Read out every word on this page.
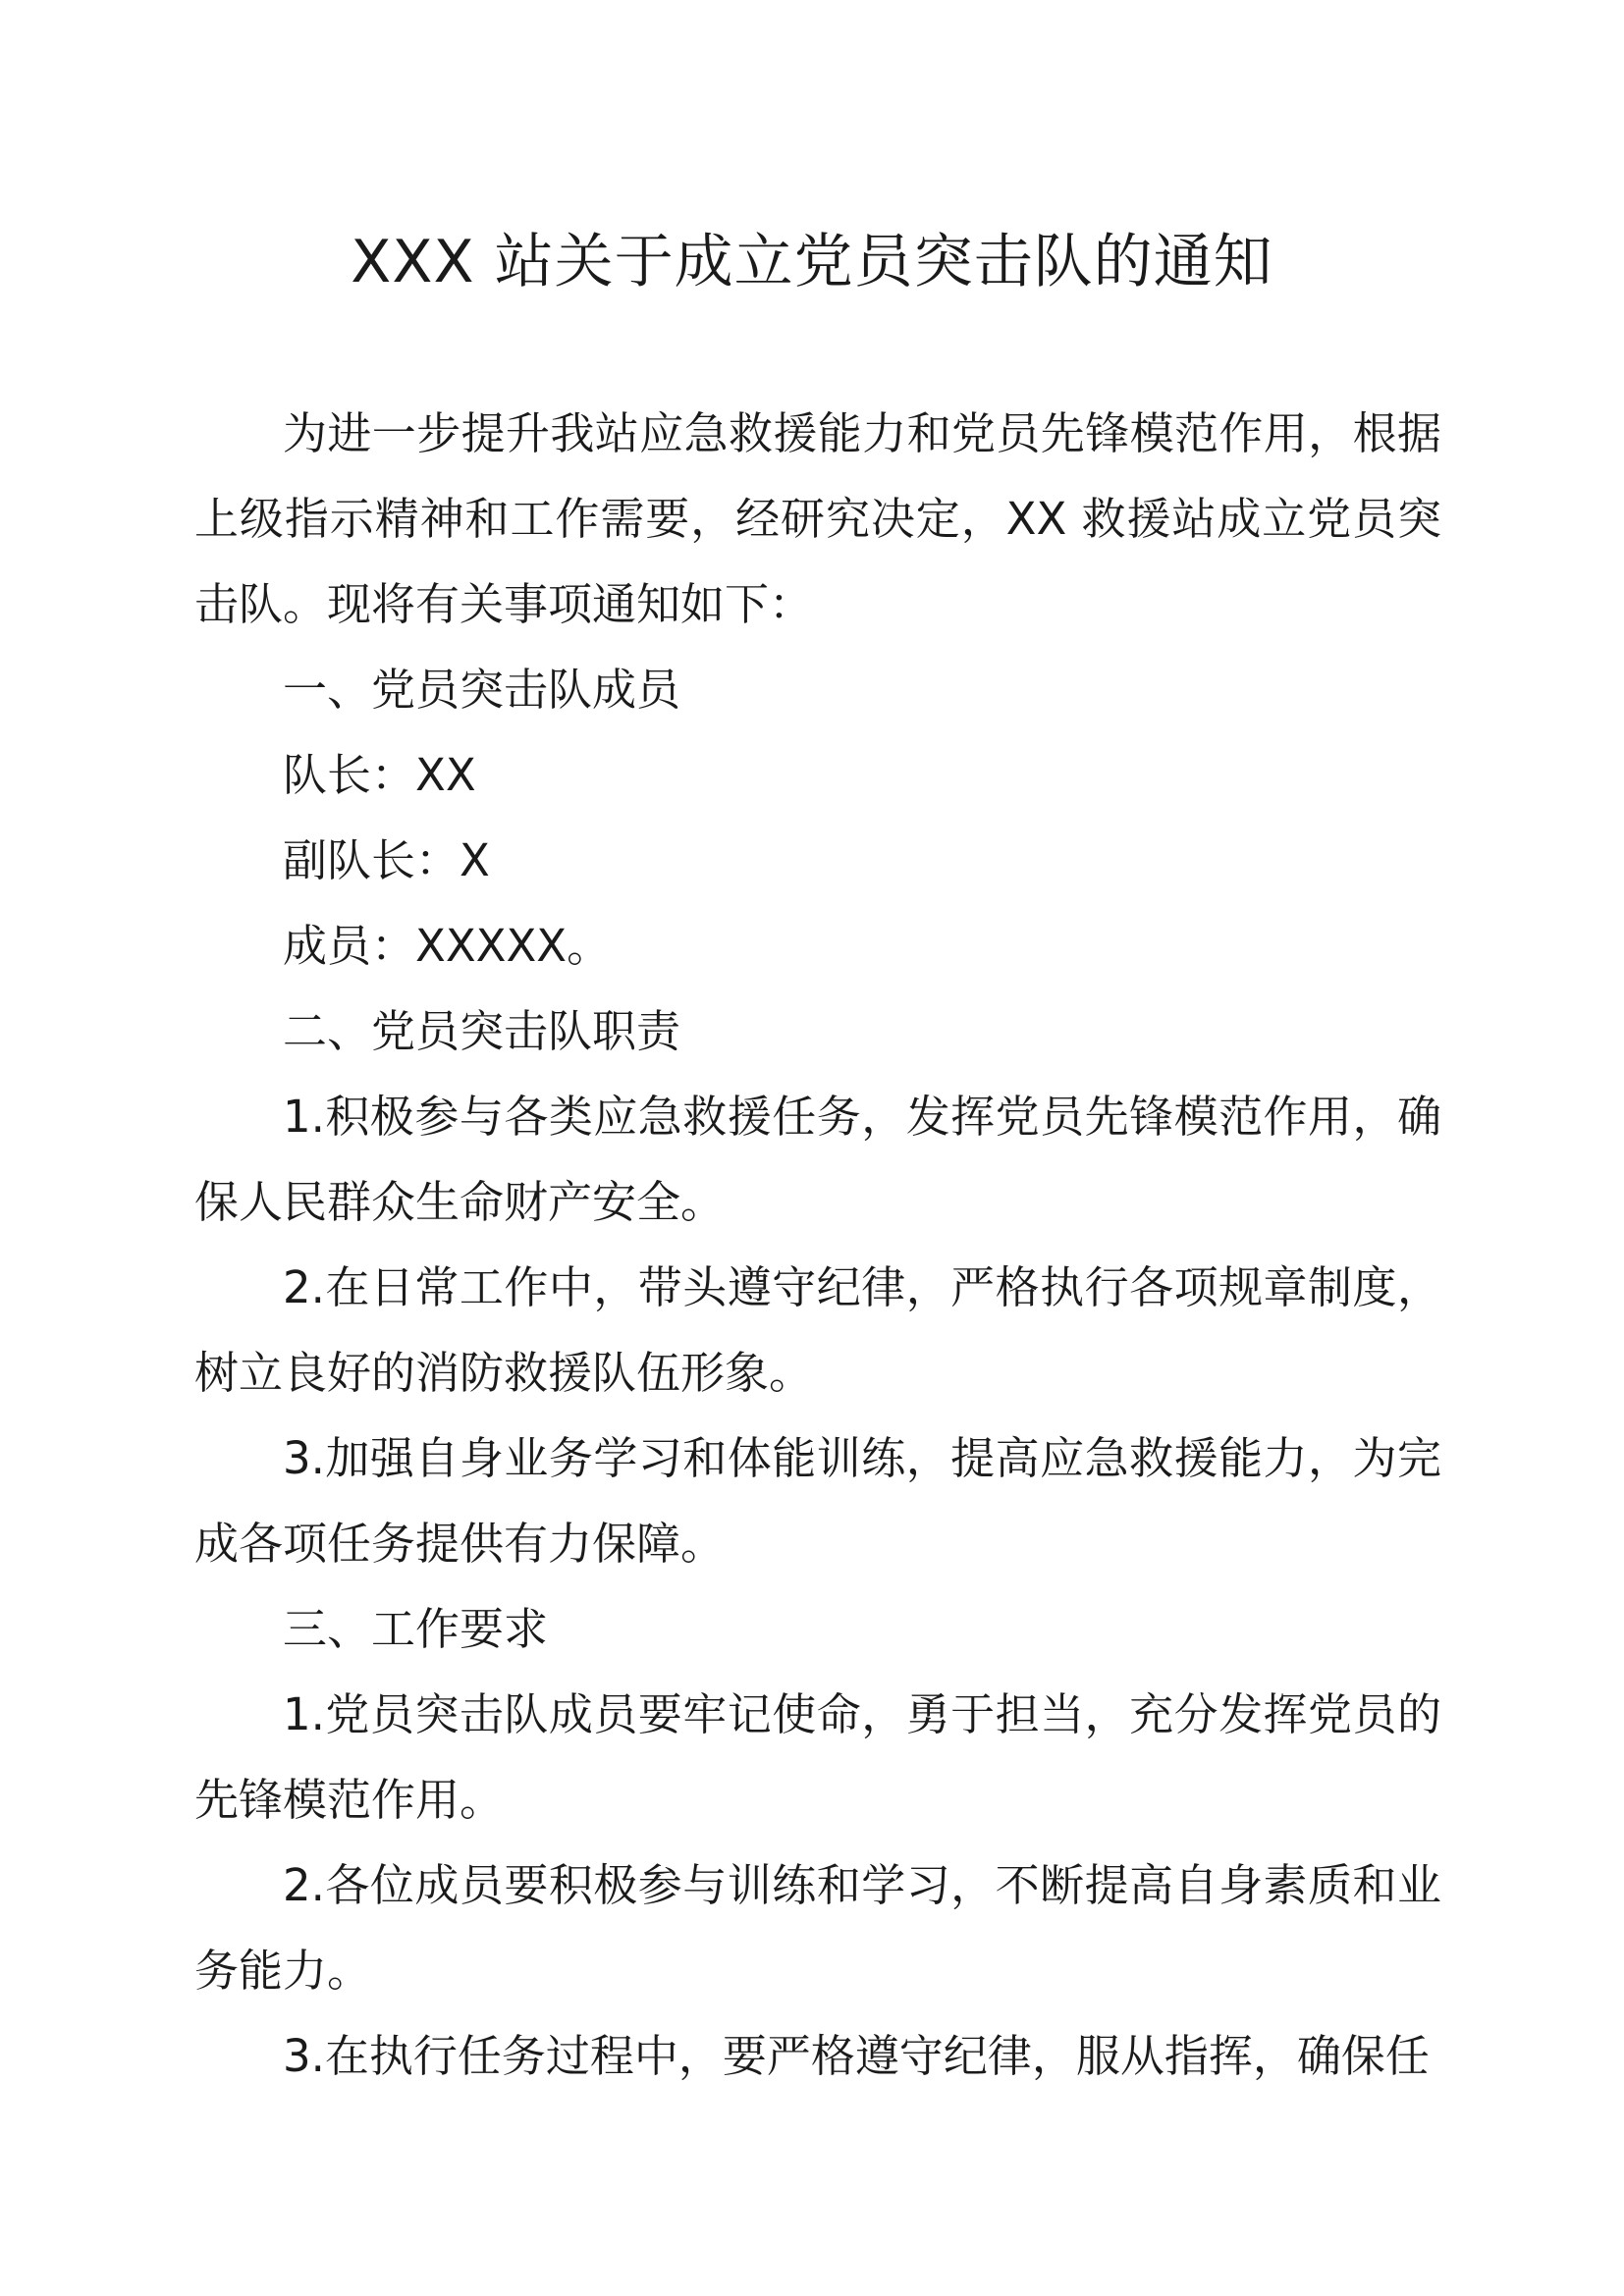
XXX 站关于成立党员突击队的通知

为进一步提升我站应急救援能力和党员先锋模范作用，根据上级指示精神和工作需要，经研究决定，XX 救援站成立党员突击队。现将有关事项通知如下：

一、党员突击队成员

队长：XX

副队长：X

成员：XXXXX。

二、党员突击队职责

1.积极参与各类应急救援任务，发挥党员先锋模范作用，确保人民群众生命财产安全。

2.在日常工作中，带头遵守纪律，严格执行各项规章制度，树立良好的消防救援队伍形象。

3.加强自身业务学习和体能训练，提高应急救援能力，为完成各项任务提供有力保障。

三、工作要求

1.党员突击队成员要牢记使命，勇于担当，充分发挥党员的先锋模范作用。

2.各位成员要积极参与训练和学习，不断提高自身素质和业务能力。

3.在执行任务过程中，要严格遵守纪律，服从指挥，确保任
